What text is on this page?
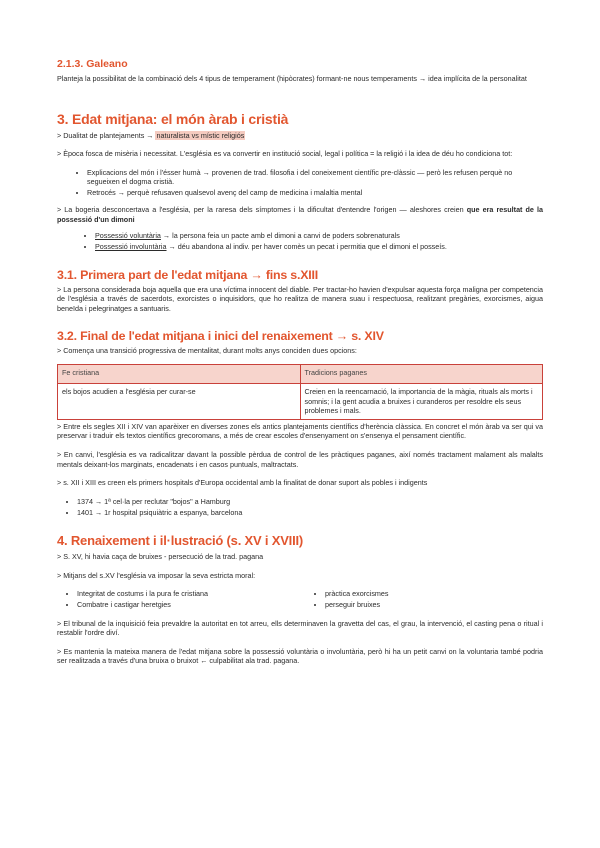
2.1.3. Galeano

Planteja la possibilitat de la combinació dels 4 tipus de temperament (hipòcrates) formant-ne nous temperaments → idea implícita de la personalitat

3. Edat mitjana: el món àrab i cristià

> Dualitat de plantejaments → naturalista vs místic religiós

> Època fosca de misèria i necessitat. L'església es va convertir en institució social, legal i política = la religió i la idea de déu ho condiciona tot:

• Explicacions del món i l'ésser humà → provenen de trad. filosofia i del coneixement científic pre-clàssic — però les refusen perquè no segueixen el dogma cristià.
• Retrocés → perquè refusaven qualsevol avenç del camp de medicina i malaltia mental

> La bogeria desconcertava a l'església, per la raresa dels símptomes i la dificultat d'entendre l'origen — aleshores creien que era resultat de la possessió d'un dimoni

• Possessió voluntària → la persona feia un pacte amb el dimoni a canvi de poders sobrenaturals
• Possessió involuntària → déu abandona al indiv. per haver comès un pecat i permitia que el dimoni el posseís.
3.1. Primera part de l'edat mitjana → fins s.XIII

> La persona considerada boja aquella que era una víctima innocent del diable. Per tractar-ho havien d'expulsar aquesta força maligna per competencia de l'església a través de sacerdots, exorcistes o inquisidors, que ho realitza de manera suau i respectuosa, realitzant pregàries, exorcismes, aigua beneïda i pelegrinatges a santuaris.

3.2. Final de l'edat mitjana i inici del renaixement → s. XIV

> Comença una transició progressiva de mentalitat, durant molts anys conciden dues opcions:

Fe cristiana	Tradicions paganes
els bojos acudien a l'església per curar-se	Creien en la reencarnació, la importancia de la màgia, rituals als morts i somnis; i la gent acudia a bruixes i curanderos per resoldre els seus problemes i mals.

> Entre els segles XII i XIV van aparèixer en diverses zones els antics plantejaments científics d'herència clàssica. En concret el món àrab va ser qui va preservar i traduir els textos científics grecoromans, a més de crear escoles d'ensenyament on s'ensenya el pensament científic.

> En canvi, l'església es va radicalitzar davant la possible pèrdua de control de les pràctiques paganes, així només tractament malament als malalts mentals deixant-los marginats, encadenats i en casos puntuals, maltractats.

> s. XII i XIII es creen els primers hospitals d'Europa occidental amb la finalitat de donar suport als pobles i indigents

• 1374 → 1ª cel·la per reclutar "bojos" a Hamburg
• 1401 → 1r hospital psiquiàtric a espanya, barcelona
4. Renaixement i il·lustració (s. XV i XVIII)

> S. XV, hi havia caça de bruixes - persecució de la trad. pagana

> Mitjans del s.XV l'església va imposar la seva estricta moral:

• Integritat de costums i la pura fe cristiana
• Combatre i castigar heretgies
• pràctica exorcismes
• perseguir bruixes

> El tribunal de la inquisició feia prevaldre la autoritat en tot arreu, ells determinaven la gravetta del cas, el grau, la intervenció, el casting pena o ritual i restablir l'ordre diví.

> Es mantenia la mateixa manera de l'edat mitjana sobre la possessió voluntària o involuntària, però hi ha un petit canvi on la voluntaria també podria ser realitzada a través d'una bruixa o bruixot ← culpabilitat ala trad. pagana.
